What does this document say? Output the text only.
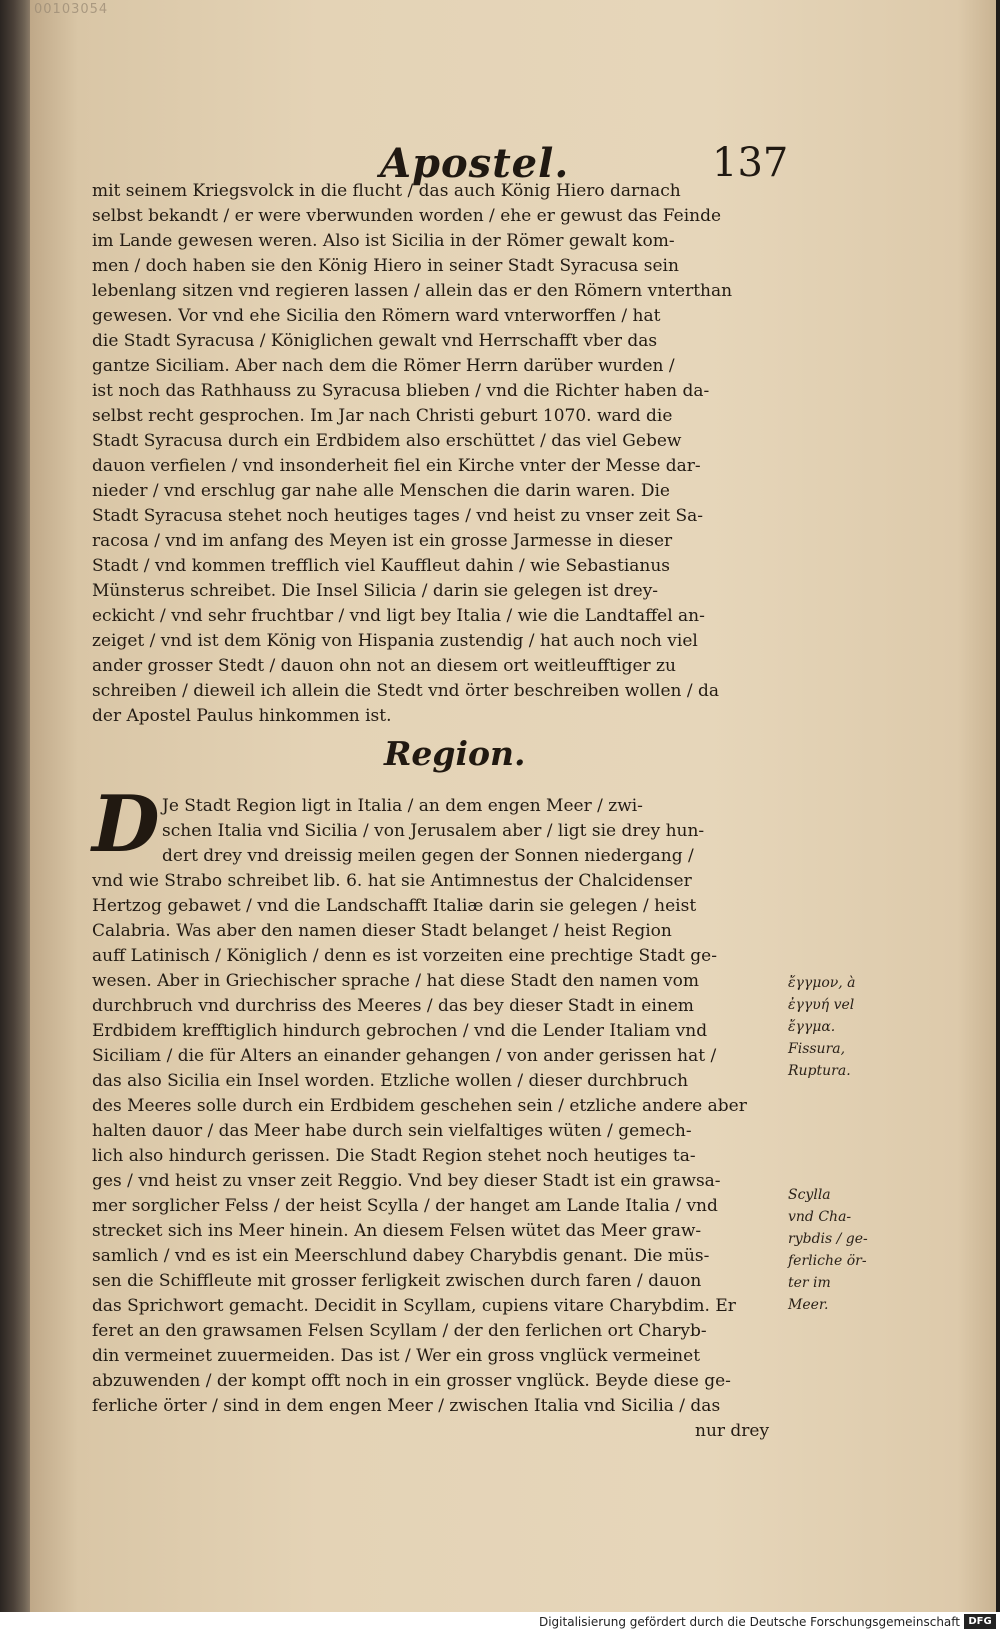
00103054
Apostel.	137
mit seinem Kriegsvolck in die flucht / das auch König Hiero darnach
selbst bekandt / er were vberwunden worden / ehe er gewust das Feinde
im Lande gewesen weren. Also ist Sicilia in der Römer gewalt kom-
men / doch haben sie den König Hiero in seiner Stadt Syracusa sein
lebenlang sitzen vnd regieren lassen / allein das er den Römern vnterthan
gewesen. Vor vnd ehe Sicilia den Römern ward vnterworffen / hat
die Stadt Syracusa / Königlichen gewalt vnd Herrschafft vber das
gantze Siciliam. Aber nach dem die Römer Herrn darüber wurden /
ist noch das Rathhauss zu Syracusa blieben / vnd die Richter haben da-
selbst recht gesprochen. Im Jar nach Christi geburt 1070. ward die
Stadt Syracusa durch ein Erdbidem also erschüttet / das viel Gebew
dauon verfielen / vnd insonderheit fiel ein Kirche vnter der Messe dar-
nieder / vnd erschlug gar nahe alle Menschen die darin waren. Die
Stadt Syracusa stehet noch heutiges tages / vnd heist zu vnser zeit Sa-
racosa / vnd im anfang des Meyen ist ein grosse Jarmesse in dieser
Stadt / vnd kommen trefflich viel Kauffleut dahin / wie Sebastianus
Münsterus schreibet. Die Insel Silicia / darin sie gelegen ist drey-
eckicht / vnd sehr fruchtbar / vnd ligt bey Italia / wie die Landtaffel an-
zeiget / vnd ist dem König von Hispania zustendig / hat auch noch viel
ander grosser Stedt / dauon ohn not an diesem ort weitleufftiger zu
schreiben / dieweil ich allein die Stedt vnd örter beschreiben wollen / da
der Apostel Paulus hinkommen ist.
Region.
D Je Stadt Region ligt in Italia / an dem engen Meer / zwi-
schen Italia vnd Sicilia / von Jerusalem aber / ligt sie drey hun-
dert drey vnd dreissig meilen gegen der Sonnen niedergang /
vnd wie Strabo schreibet lib. 6. hat sie Antimnestus der Chalcidenser
Hertzog gebawet / vnd die Landschafft Italiæ darin sie gelegen / heist
Calabria. Was aber den namen dieser Stadt belanget / heist Region
auff Latinisch / Königlich / denn es ist vorzeiten eine prechtige Stadt ge-
wesen. Aber in Griechischer sprache / hat diese Stadt den namen vom
durchbruch vnd durchriss des Meeres / das bey dieser Stadt in einem
Erdbidem krefftiglich hindurch gebrochen / vnd die Lender Italiam vnd
Siciliam / die für Alters an einander gehangen / von ander gerissen hat /
das also Sicilia ein Insel worden. Etzliche wollen / dieser durchbruch
des Meeres solle durch ein Erdbidem geschehen sein / etzliche andere aber
halten dauor / das Meer habe durch sein vielfaltiges wüten / gemech-
lich also hindurch gerissen. Die Stadt Region stehet noch heutiges ta-
ges / vnd heist zu vnser zeit Reggio. Vnd bey dieser Stadt ist ein grawsa-
mer sorglicher Felss / der heist Scylla / der hanget am Lande Italia / vnd
strecket sich ins Meer hinein. An diesem Felsen wütet das Meer graw-
samlich / vnd es ist ein Meerschlund dabey Charybdis genant. Die müs-
sen die Schiffleute mit grosser ferligkeit zwischen durch faren / dauon
das Sprichwort gemacht. Decidit in Scyllam, cupiens vitare Charybdim. Er
feret an den grawsamen Felsen Scyllam / der den ferlichen ort Charyb-
din vermeinet zuuermeiden. Das ist / Wer ein gross vnglück vermeinet
abzuwenden / der kompt offt noch in ein grosser vnglück. Beyde diese ge-
ferliche örter / sind in dem engen Meer / zwischen Italia vnd Sicilia / das
nur drey
ἔγγμον, à
ἐγγυή vel
ἔγγμα.
Fissura,
Ruptura.
Scylla
vnd Cha-
rybdis / ge-
ferliche ör-
ter im
Meer.
Digitalisierung gefördert durch die Deutsche Forschungsgemeinschaft DFG
